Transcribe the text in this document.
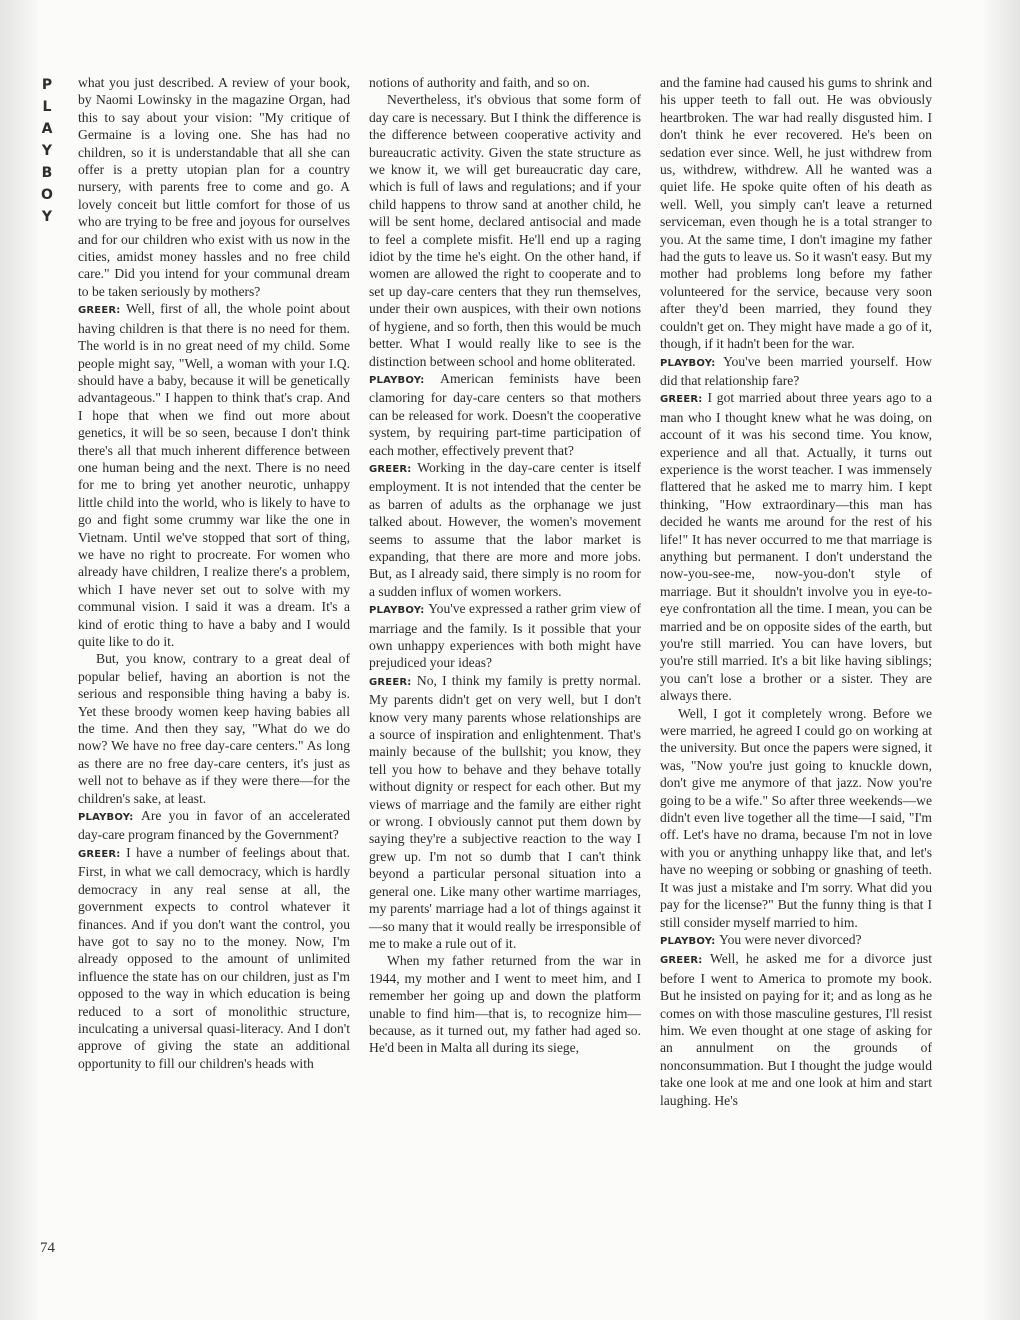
P
L
A
Y
B
O
Y
74

what you just described. A review of your book, by Naomi Lowinsky in the magazine Organ, had this to say about your vision: "My critique of Germaine is a loving one. She has had no children, so it is understandable that all she can offer is a pretty utopian plan for a country nursery, with parents free to come and go. A lovely conceit but little comfort for those of us who are trying to be free and joyous for ourselves and for our children who exist with us now in the cities, amidst money hassles and no free child care." Did you intend for your communal dream to be taken seriously by mothers?

GREER: Well, first of all, the whole point about having children is that there is no need for them. The world is in no great need of my child. Some people might say, "Well, a woman with your I.Q. should have a baby, because it will be genetically advantageous." I happen to think that's crap. And I hope that when we find out more about genetics, it will be so seen, because I don't think there's all that much inherent difference between one human being and the next. There is no need for me to bring yet another neurotic, unhappy little child into the world, who is likely to have to go and fight some crummy war like the one in Vietnam. Until we've stopped that sort of thing, we have no right to procreate. For women who already have children, I realize there's a problem, which I have never set out to solve with my communal vision. I said it was a dream. It's a kind of erotic thing to have a baby and I would quite like to do it.

But, you know, contrary to a great deal of popular belief, having an abortion is not the serious and responsible thing having a baby is. Yet these broody women keep having babies all the time. And then they say, "What do we do now? We have no free day-care centers." As long as there are no free day-care centers, it's just as well not to behave as if they were there—for the children's sake, at least.

PLAYBOY: Are you in favor of an accelerated day-care program financed by the Government?

GREER: I have a number of feelings about that. First, in what we call democracy, which is hardly democracy in any real sense at all, the government expects to control whatever it finances. And if you don't want the control, you have got to say no to the money. Now, I'm already opposed to the amount of unlimited influence the state has on our children, just as I'm opposed to the way in which education is being reduced to a sort of monolithic structure, inculcating a universal quasi-literacy. And I don't approve of giving the state an additional opportunity to fill our children's heads with

notions of authority and faith, and so on.

Nevertheless, it's obvious that some form of day care is necessary. But I think the difference is the difference between cooperative activity and bureaucratic activity. Given the state structure as we know it, we will get bureaucratic day care, which is full of laws and regulations; and if your child happens to throw sand at another child, he will be sent home, declared antisocial and made to feel a complete misfit. He'll end up a raging idiot by the time he's eight. On the other hand, if women are allowed the right to cooperate and to set up day-care centers that they run themselves, under their own auspices, with their own notions of hygiene, and so forth, then this would be much better. What I would really like to see is the distinction between school and home obliterated.

PLAYBOY: American feminists have been clamoring for day-care centers so that mothers can be released for work. Doesn't the cooperative system, by requiring part-time participation of each mother, effectively prevent that?

GREER: Working in the day-care center is itself employment. It is not intended that the center be as barren of adults as the orphanage we just talked about. However, the women's movement seems to assume that the labor market is expanding, that there are more and more jobs. But, as I already said, there simply is no room for a sudden influx of women workers.

PLAYBOY: You've expressed a rather grim view of marriage and the family. Is it possible that your own unhappy experiences with both might have prejudiced your ideas?

GREER: No, I think my family is pretty normal. My parents didn't get on very well, but I don't know very many parents whose relationships are a source of inspiration and enlightenment. That's mainly because of the bullshit; you know, they tell you how to behave and they behave totally without dignity or respect for each other. But my views of marriage and the family are either right or wrong. I obviously cannot put them down by saying they're a subjective reaction to the way I grew up. I'm not so dumb that I can't think beyond a particular personal situation into a general one. Like many other wartime marriages, my parents' marriage had a lot of things against it—so many that it would really be irresponsible of me to make a rule out of it.

When my father returned from the war in 1944, my mother and I went to meet him, and I remember her going up and down the platform unable to find him—that is, to recognize him—because, as it turned out, my father had aged so. He'd been in Malta all during its siege,

and the famine had caused his gums to shrink and his upper teeth to fall out. He was obviously heartbroken. The war had really disgusted him. I don't think he ever recovered. He's been on sedation ever since. Well, he just withdrew from us, withdrew, withdrew. All he wanted was a quiet life. He spoke quite often of his death as well. Well, you simply can't leave a returned serviceman, even though he is a total stranger to you. At the same time, I don't imagine my father had the guts to leave us. So it wasn't easy. But my mother had problems long before my father volunteered for the service, because very soon after they'd been married, they found they couldn't get on. They might have made a go of it, though, if it hadn't been for the war.

PLAYBOY: You've been married yourself. How did that relationship fare?

GREER: I got married about three years ago to a man who I thought knew what he was doing, on account of it was his second time. You know, experience and all that. Actually, it turns out experience is the worst teacher. I was immensely flattered that he asked me to marry him. I kept thinking, "How extraordinary—this man has decided he wants me around for the rest of his life!" It has never occurred to me that marriage is anything but permanent. I don't understand the now-you-see-me, now-you-don't style of marriage. But it shouldn't involve you in eye-to-eye confrontation all the time. I mean, you can be married and be on opposite sides of the earth, but you're still married. You can have lovers, but you're still married. It's a bit like having siblings; you can't lose a brother or a sister. They are always there.

Well, I got it completely wrong. Before we were married, he agreed I could go on working at the university. But once the papers were signed, it was, "Now you're just going to knuckle down, don't give me anymore of that jazz. Now you're going to be a wife." So after three weekends—we didn't even live together all the time—I said, "I'm off. Let's have no drama, because I'm not in love with you or anything unhappy like that, and let's have no weeping or sobbing or gnashing of teeth. It was just a mistake and I'm sorry. What did you pay for the license?" But the funny thing is that I still consider myself married to him.

PLAYBOY: You were never divorced?

GREER: Well, he asked me for a divorce just before I went to America to promote my book. But he insisted on paying for it; and as long as he comes on with those masculine gestures, I'll resist him. We even thought at one stage of asking for an annulment on the grounds of nonconsummation. But I thought the judge would take one look at me and one look at him and start laughing. He's
